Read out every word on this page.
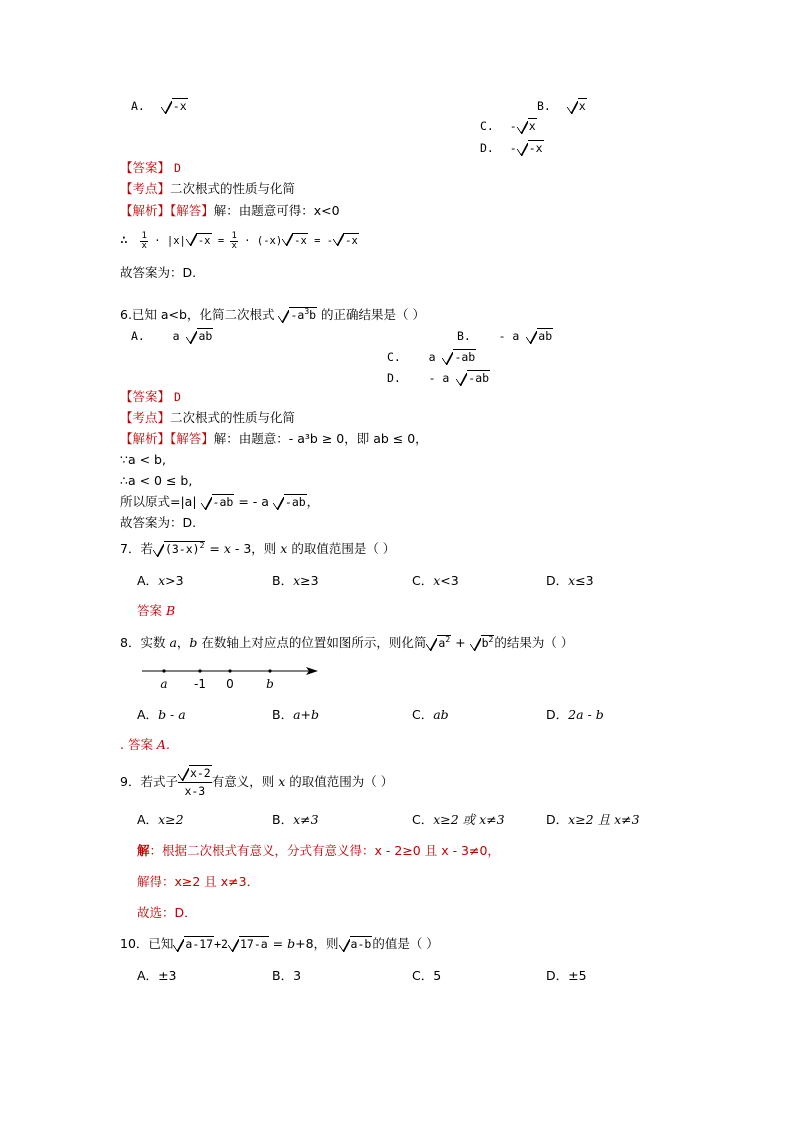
A. -x	B. x
C. - x
D. - -x
【答案】 D
【考点】二次根式的性质与化简
【解析】【解答】解：由题意可得：x<0
∴ $\frac{1}{x} \cdot |x|$ $-x = \frac{1}{x} \cdot (-x) -x$ = - -x
故答案为：D.
6.已知 a<b，化简二次根式 $-a^3b$ 的正确结果是（ ）
A. a ab	B. - a ab
C. a -ab
D. - a -ab
【答案】 D
【考点】二次根式的性质与化简
【解析】【解答】解：由题意：- a³b ≥ 0，即 ab ≤ 0，
∵a < b,
∴a < 0 ≤ b,
所以原式=|a| -ab = - a -ab，
故答案为：D.
7．若 $(3-x)^2 = x - 3$，则 x 的取值范围是（ ）
A．x>3	B．x≥3	C．x<3	D．x≤3
答案 B
8．实数 a，b 在数轴上对应点的位置如图所示，则化简 $a^2 + b^2$的结果为（ ）
a -1 0	b
A．b - a	B．a+b	C．ab	D．2a - b
. 答案 A.
9．若式子 $\frac{x-2}{x-3}$ 有意义，则 x 的取值范围为（ ）
A．x≥2	B．x≠3	C．x≥2 或 x≠3	D．x≥2 且 x≠3
解：根据二次根式有意义，分式有意义得：x - 2≥0 且 x - 3≠0，
解得：x≥2 且 x≠3．
故选：D．
10．已知 a-17+2 17-a = b+8，则 a-b的值是（ ）
A．±3	B．3	C．5	D．±5
